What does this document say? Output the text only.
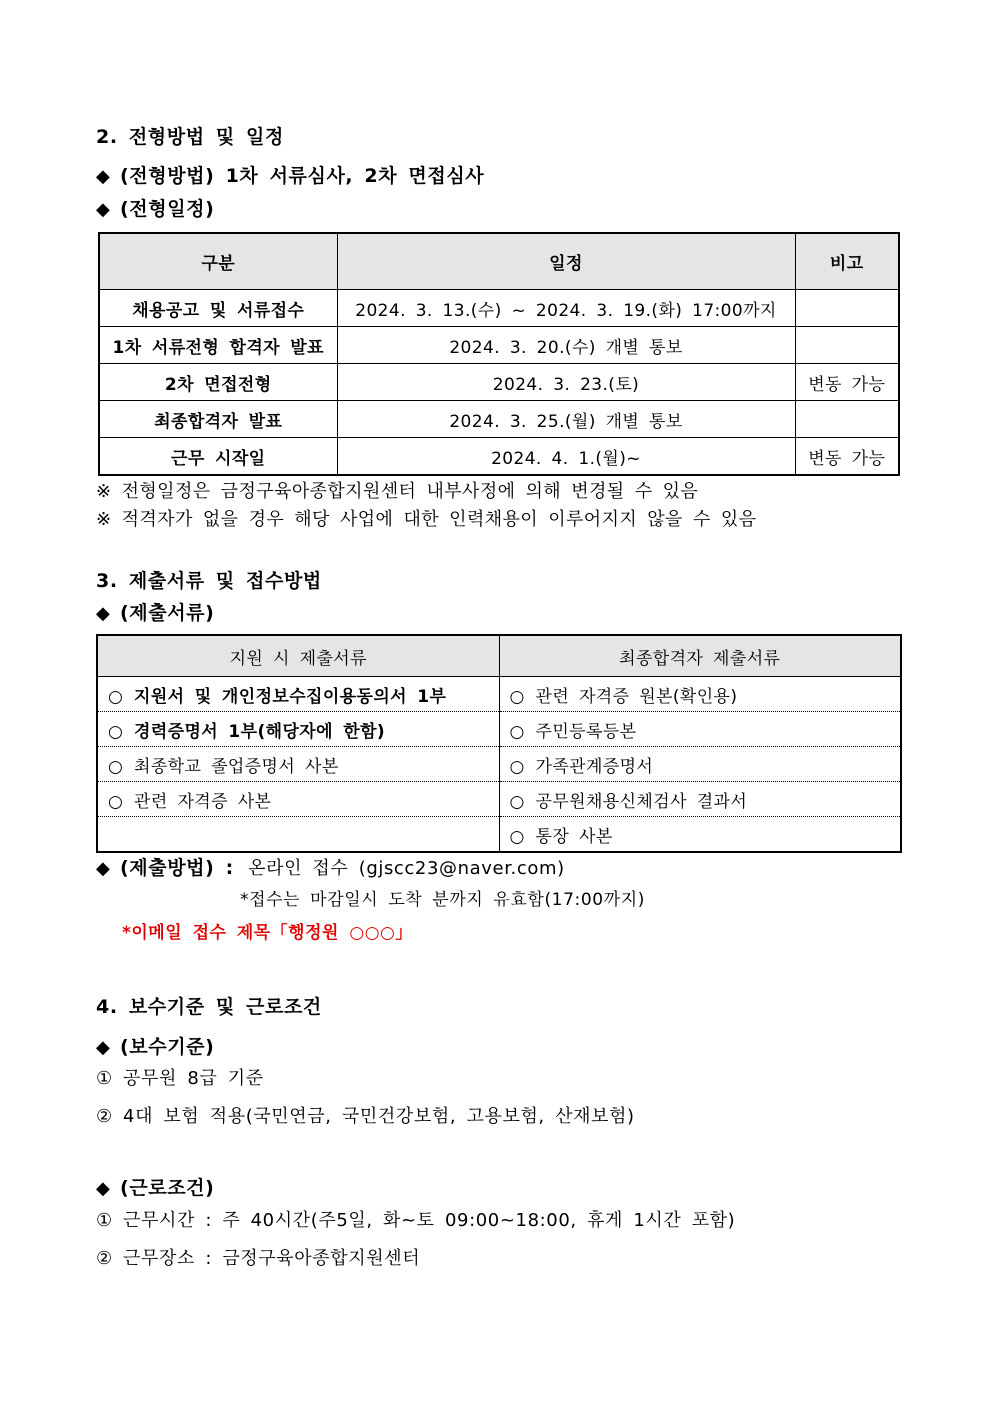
2. 전형방법 및 일정
◆ (전형방법) 1차 서류심사, 2차 면접심사
◆ (전형일정)
구분	일정	비고
채용공고 및 서류접수	2024. 3. 13.(수) ~ 2024. 3. 19.(화) 17:00까지	
1차 서류전형 합격자 발표	2024. 3. 20.(수) 개별 통보	
2차 면접전형	2024. 3. 23.(토)	변동 가능
최종합격자 발표	2024. 3. 25.(월) 개별 통보	
근무 시작일	2024. 4. 1.(월)~	변동 가능
※ 전형일정은 금정구육아종합지원센터 내부사정에 의해 변경될 수 있음
※ 적격자가 없을 경우 해당 사업에 대한 인력채용이 이루어지지 않을 수 있음
3. 제출서류 및 접수방법
◆ (제출서류)
지원 시 제출서류	최종합격자 제출서류
○ 지원서 및 개인정보수집이용동의서 1부	○ 관련 자격증 원본(확인용)
○ 경력증명서 1부(해당자에 한함)	○ 주민등록등본
○ 최종학교 졸업증명서 사본	○ 가족관계증명서
○ 관련 자격증 사본	○ 공무원채용신체검사 결과서
	○ 통장 사본
◆ (제출방법) : 온라인 접수 (gjscc23@naver.com)
*접수는 마감일시 도착 분까지 유효함(17:00까지)
*이메일 접수 제목「행정원 ○○○」
4. 보수기준 및 근로조건
◆ (보수기준)
① 공무원 8급 기준
② 4대 보험 적용(국민연금, 국민건강보험, 고용보험, 산재보험)
◆ (근로조건)
① 근무시간 : 주 40시간(주5일, 화~토 09:00~18:00, 휴게 1시간 포함)
② 근무장소 : 금정구육아종합지원센터
